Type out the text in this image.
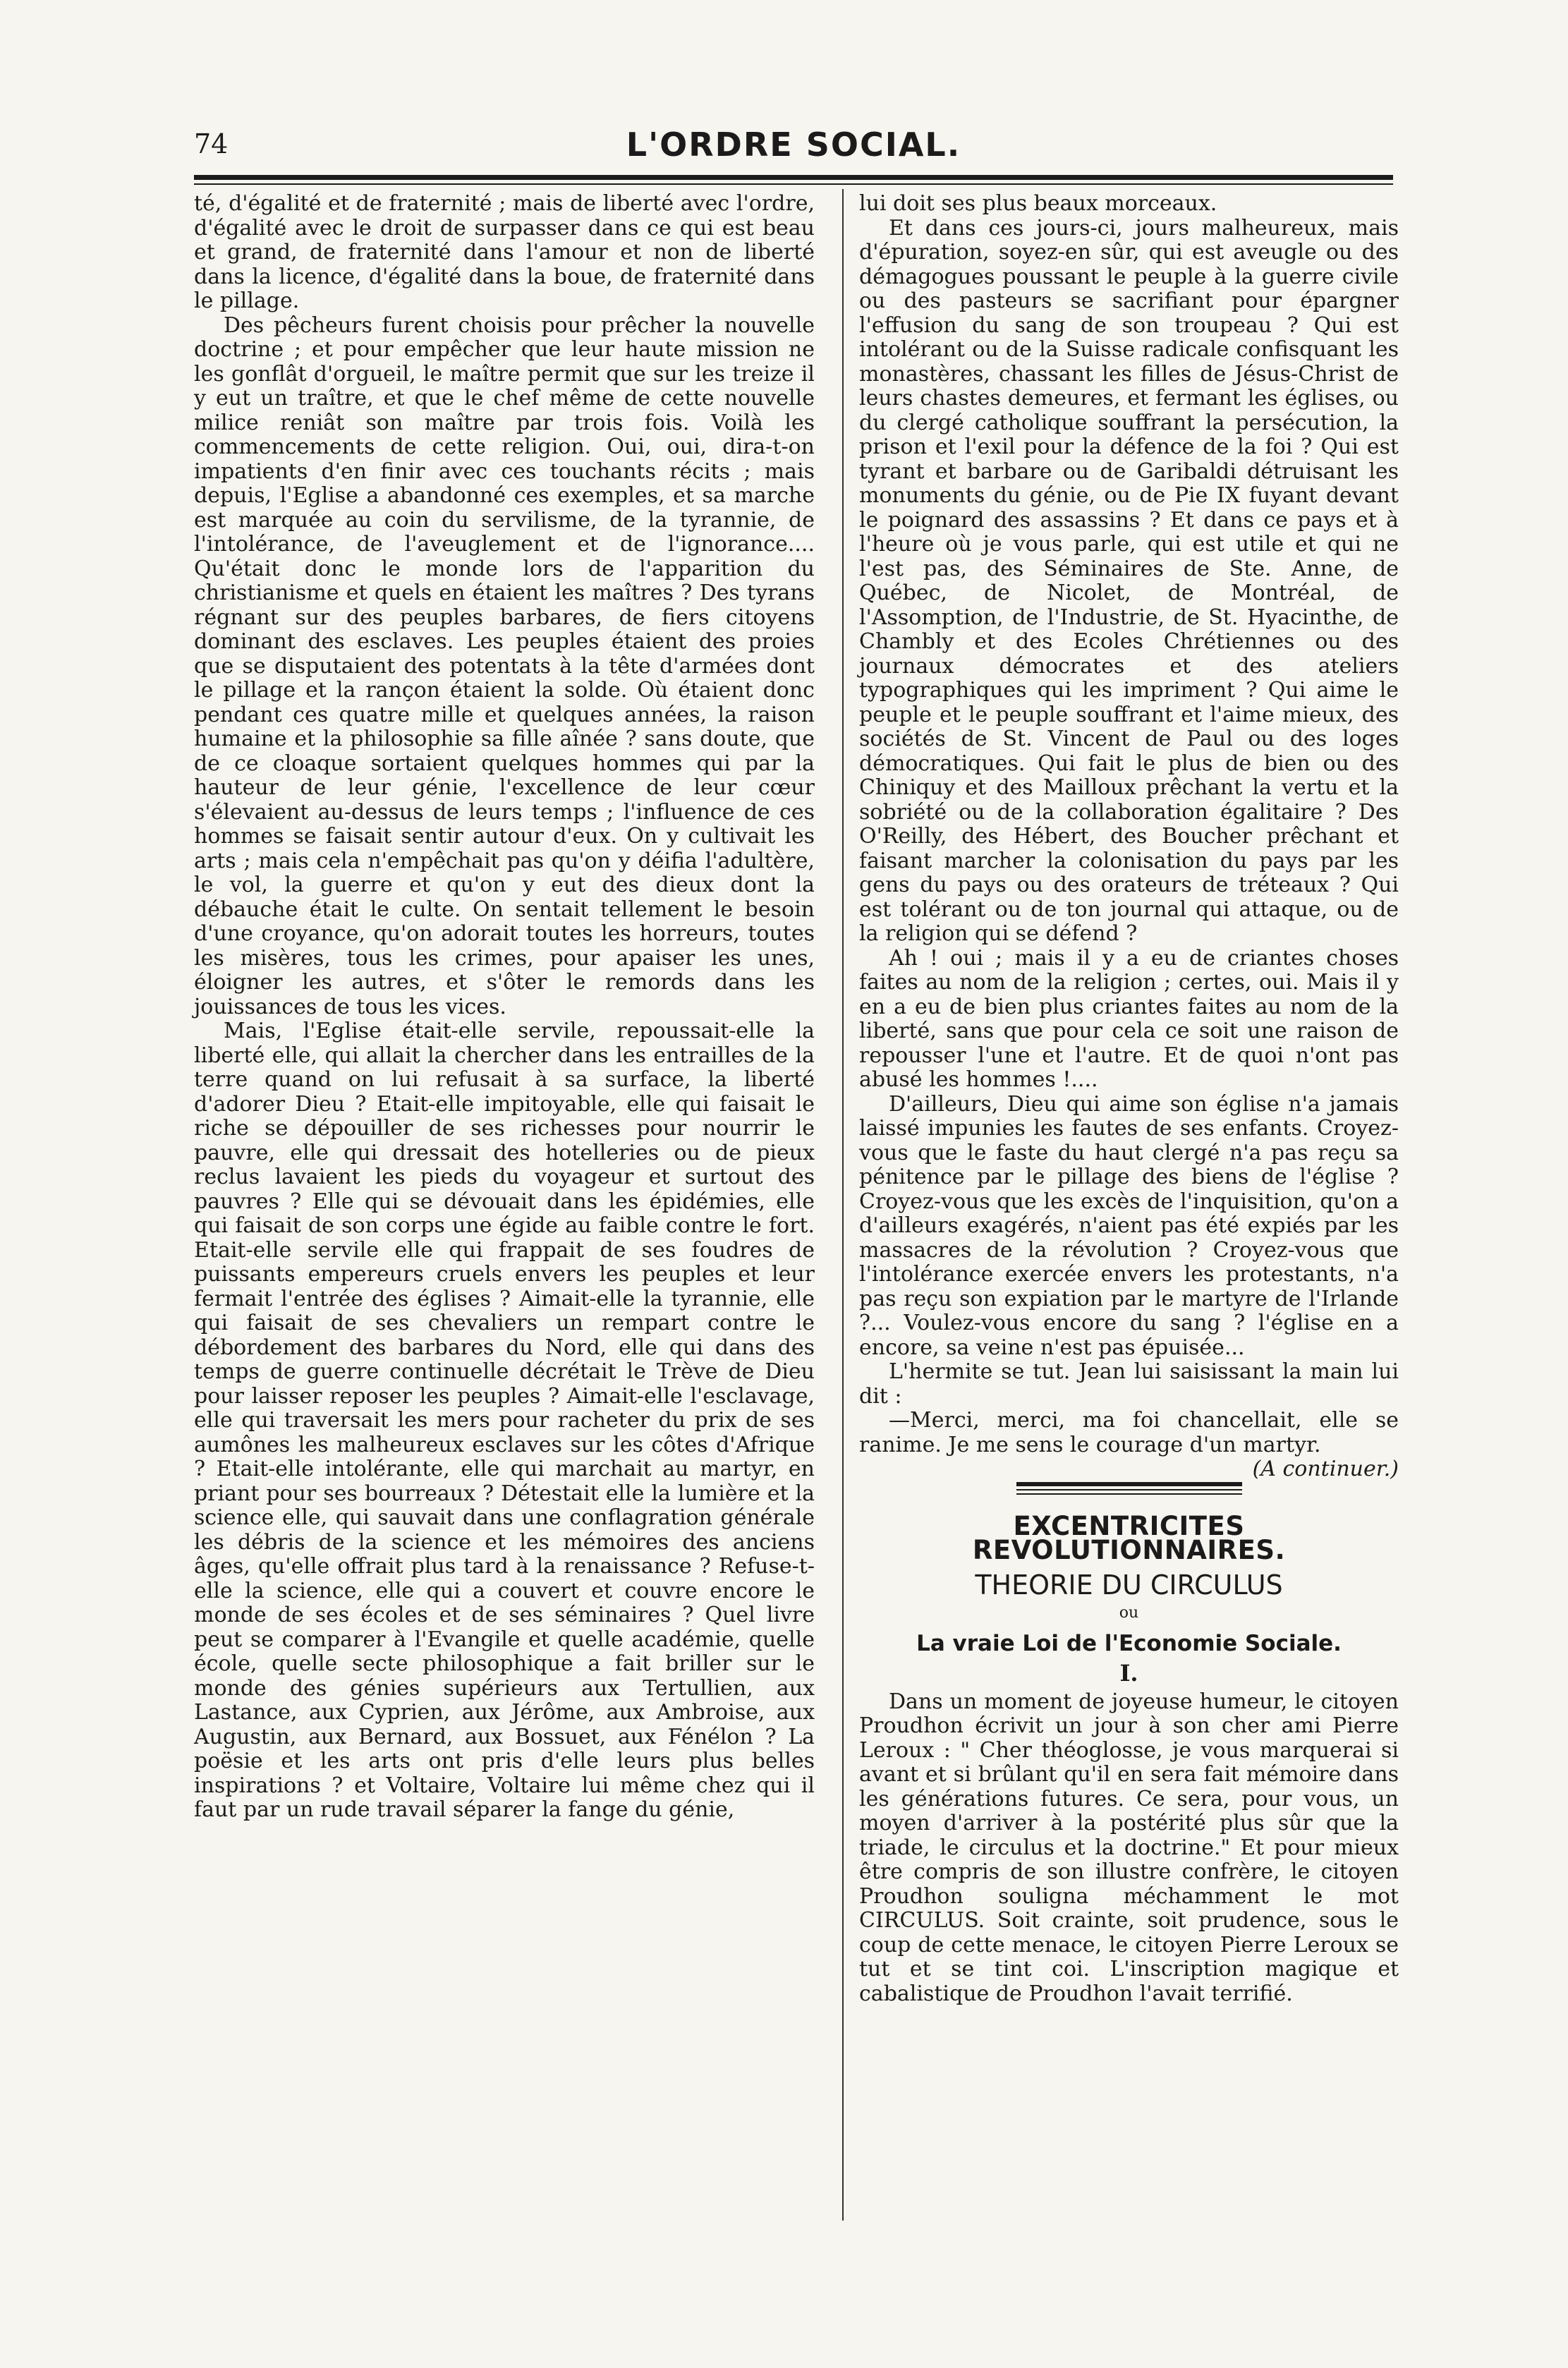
74	L'ORDRE SOCIAL.

té, d'égalité et de fraternité ; mais de liberté avec l'ordre, d'égalité avec le droit de surpasser dans ce qui est beau et grand, de fraternité dans l'amour et non de liberté dans la licence, d'égalité dans la boue, de fraternité dans le pillage.

Des pêcheurs furent choisis pour prêcher la nouvelle doctrine ; et pour empêcher que leur haute mission ne les gonflât d'orgueil, le maître permit que sur les treize il y eut un traître, et que le chef même de cette nouvelle milice reniât son maître par trois fois. Voilà les commencements de cette religion. Oui, oui, dira-t-on impatients d'en finir avec ces touchants récits ; mais depuis, l'Eglise a abandonné ces exemples, et sa marche est marquée au coin du servilisme, de la tyrannie, de l'intolérance, de l'aveuglement et de l'ignorance.... Qu'était donc le monde lors de l'apparition du christianisme et quels en étaient les maîtres ? Des tyrans régnant sur des peuples barbares, de fiers citoyens dominant des esclaves. Les peuples étaient des proies que se disputaient des potentats à la tête d'armées dont le pillage et la rançon étaient la solde. Où étaient donc pendant ces quatre mille et quelques années, la raison humaine et la philosophie sa fille aînée ? sans doute, que de ce cloaque sortaient quelques hommes qui par la hauteur de leur génie, l'excellence de leur cœur s'élevaient au-dessus de leurs temps ; l'influence de ces hommes se faisait sentir autour d'eux. On y cultivait les arts ; mais cela n'empêchait pas qu'on y déifia l'adultère, le vol, la guerre et qu'on y eut des dieux dont la débauche était le culte. On sentait tellement le besoin d'une croyance, qu'on adorait toutes les horreurs, toutes les misères, tous les crimes, pour apaiser les unes, éloigner les autres, et s'ôter le remords dans les jouissances de tous les vices.

Mais, l'Eglise était-elle servile, repoussait-elle la liberté elle, qui allait la chercher dans les entrailles de la terre quand on lui refusait à sa surface, la liberté d'adorer Dieu ? Etait-elle impitoyable, elle qui faisait le riche se dépouiller de ses richesses pour nourrir le pauvre, elle qui dressait des hotelleries ou de pieux reclus lavaient les pieds du voyageur et surtout des pauvres ? Elle qui se dévouait dans les épidémies, elle qui faisait de son corps une égide au faible contre le fort. Etait-elle servile elle qui frappait de ses foudres de puissants empereurs cruels envers les peuples et leur fermait l'entrée des églises ? Aimait-elle la tyrannie, elle qui faisait de ses chevaliers un rempart contre le débordement des barbares du Nord, elle qui dans des temps de guerre continuelle décrétait le Trève de Dieu pour laisser reposer les peuples ? Aimait-elle l'esclavage, elle qui traversait les mers pour racheter du prix de ses aumônes les malheureux esclaves sur les côtes d'Afrique ? Etait-elle intolérante, elle qui marchait au martyr, en priant pour ses bourreaux ? Détestait elle la lumière et la science elle, qui sauvait dans une conflagration générale les débris de la science et les mémoires des anciens âges, qu'elle offrait plus tard à la renaissance ? Refuse-t-elle la science, elle qui a couvert et couvre encore le monde de ses écoles et de ses séminaires ? Quel livre peut se comparer à l'Evangile et quelle académie, quelle école, quelle secte philosophique a fait briller sur le monde des génies supérieurs aux Tertullien, aux Lastance, aux Cyprien, aux Jérôme, aux Ambroise, aux Augustin, aux Bernard, aux Bossuet, aux Fénélon ? La poësie et les arts ont pris d'elle leurs plus belles inspirations ? et Voltaire, Voltaire lui même chez qui il faut par un rude travail séparer la fange du génie,

lui doit ses plus beaux morceaux.

Et dans ces jours-ci, jours malheureux, mais d'épuration, soyez-en sûr, qui est aveugle ou des démagogues poussant le peuple à la guerre civile ou des pasteurs se sacrifiant pour épargner l'effusion du sang de son troupeau ? Qui est intolérant ou de la Suisse radicale confisquant les monastères, chassant les filles de Jésus-Christ de leurs chastes demeures, et fermant les églises, ou du clergé catholique souffrant la persécution, la prison et l'exil pour la défence de la foi ? Qui est tyrant et barbare ou de Garibaldi détruisant les monuments du génie, ou de Pie IX fuyant devant le poignard des assassins ? Et dans ce pays et à l'heure où je vous parle, qui est utile et qui ne l'est pas, des Séminaires de Ste. Anne, de Québec, de Nicolet, de Montréal, de l'Assomption, de l'Industrie, de St. Hyacinthe, de Chambly et des Ecoles Chrétiennes ou des journaux démocrates et des ateliers typographiques qui les impriment ? Qui aime le peuple et le peuple souffrant et l'aime mieux, des sociétés de St. Vincent de Paul ou des loges démocratiques. Qui fait le plus de bien ou des Chiniquy et des Mailloux prêchant la vertu et la sobriété ou de la collaboration égalitaire ? Des O'Reilly, des Hébert, des Boucher prêchant et faisant marcher la colonisation du pays par les gens du pays ou des orateurs de tréteaux ? Qui est tolérant ou de ton journal qui attaque, ou de la religion qui se défend ?

Ah ! oui ; mais il y a eu de criantes choses faites au nom de la religion ; certes, oui. Mais il y en a eu de bien plus criantes faites au nom de la liberté, sans que pour cela ce soit une raison de repousser l'une et l'autre. Et de quoi n'ont pas abusé les hommes !....

D'ailleurs, Dieu qui aime son église n'a jamais laissé impunies les fautes de ses enfants. Croyez-vous que le faste du haut clergé n'a pas reçu sa pénitence par le pillage des biens de l'église ? Croyez-vous que les excès de l'inquisition, qu'on a d'ailleurs exagérés, n'aient pas été expiés par les massacres de la révolution ? Croyez-vous que l'intolérance exercée envers les protestants, n'a pas reçu son expiation par le martyre de l'Irlande ?... Voulez-vous encore du sang ? l'église en a encore, sa veine n'est pas épuisée...

L'hermite se tut. Jean lui saisissant la main lui dit :

—Merci, merci, ma foi chancellait, elle se ranime. Je me sens le courage d'un martyr.

(A continuer.)

EXCENTRICITES REVOLUTIONNAIRES.
THEORIE DU CIRCULUS
ou
La vraie Loi de l'Economie Sociale.
I.

Dans un moment de joyeuse humeur, le citoyen Proudhon écrivit un jour à son cher ami Pierre Leroux : " Cher théoglosse, je vous marquerai si avant et si brûlant qu'il en sera fait mémoire dans les générations futures. Ce sera, pour vous, un moyen d'arriver à la postérité plus sûr que la triade, le circulus et la doctrine." Et pour mieux être compris de son illustre confrère, le citoyen Proudhon souligna méchamment le mot CIRCULUS. Soit crainte, soit prudence, sous le coup de cette menace, le citoyen Pierre Leroux se tut et se tint coi. L'inscription magique et cabalistique de Proudhon l'avait terrifié.
